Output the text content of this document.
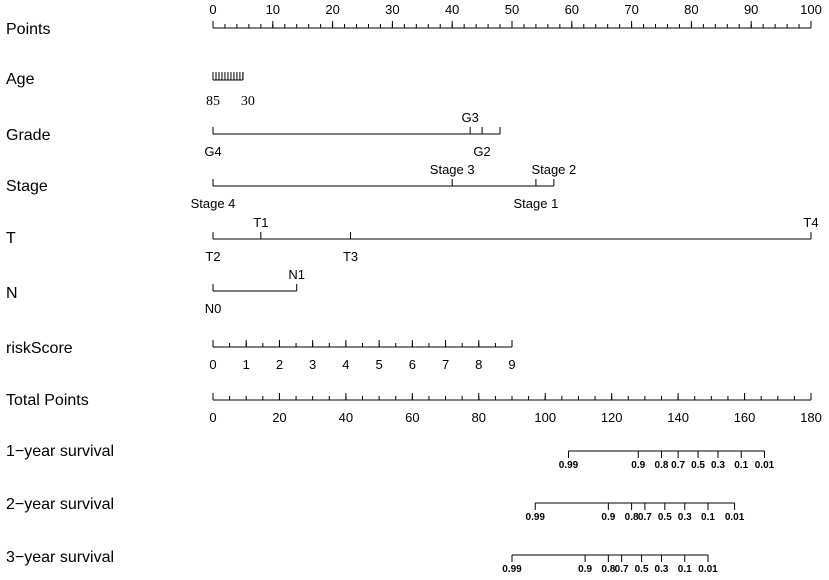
Points
0	10	20	30	40	50	60	70	80	90	100
Age
85 30
Grade
G4
G3
G2
Stage
Stage 4
Stage 3
Stage 1
Stage 2
T
T2
T1
T3
T4
N
N0
N1
riskScore
0 1 2 3 4 5 6 7 8 9
Total Points
0	20	40	60	80	100	120	140	160	180
1−year survival
0.99	0.9 0.8 0.7 0.5 0.3 0.1 0.01
2−year survival
0.99	0.9 0.8 0.7 0.5 0.3 0.1 0.01
3−year survival
0.99	0.9 0.8 0.7 0.5 0.3 0.1 0.01
